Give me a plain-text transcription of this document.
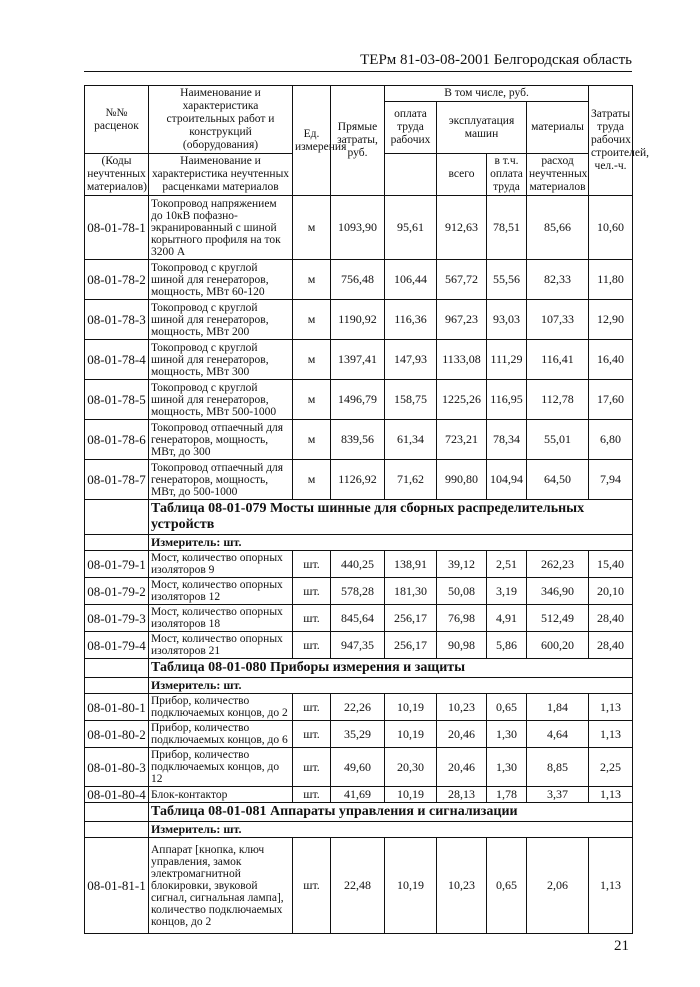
ТЕРм 81-03-08-2001 Белгородская область
№№ расценок	Наименование и характеристика строительных работ и конструкций (оборудования)	Ед. измерения	Прямые затраты, руб.	В том числе, руб.				Затраты труда рабочих строителей, чел.-ч.
				оплата труда рабочих	эксплуатация машин		материалы	
(Коды неучтенных материалов)	Наименование и характеристика неучтенных расценками материалов				всего	в т.ч. оплата труда	расход неучтенных материалов	

08-01-78-1	Токопровод напряжением до 10кВ пофазно-экранированный с шиной корытного профиля на ток 3200 А	м	1093,90	95,61	912,63	78,51	85,66	10,60
08-01-78-2	Токопровод с круглой шиной для генераторов, мощность, МВт 60-120	м	756,48	106,44	567,72	55,56	82,33	11,80
08-01-78-3	Токопровод с круглой шиной для генераторов, мощность, МВт 200	м	1190,92	116,36	967,23	93,03	107,33	12,90
08-01-78-4	Токопровод с круглой шиной для генераторов, мощность, МВт 300	м	1397,41	147,93	1133,08	111,29	116,41	16,40
08-01-78-5	Токопровод с круглой шиной для генераторов, мощность, МВт 500-1000	м	1496,79	158,75	1225,26	116,95	112,78	17,60
08-01-78-6	Токопровод отпаечный для генераторов, мощность, МВт, до 300	м	839,56	61,34	723,21	78,34	55,01	6,80
08-01-78-7	Токопровод отпаечный для генераторов, мощность, МВт, до 500-1000	м	1126,92	71,62	990,80	104,94	64,50	7,94
	Таблица 08-01-079 Мосты шинные для сборных распределительных устройств							
	Измеритель: шт.							
08-01-79-1	Мост, количество опорных изоляторов 9	шт.	440,25	138,91	39,12	2,51	262,23	15,40
08-01-79-2	Мост, количество опорных изоляторов 12	шт.	578,28	181,30	50,08	3,19	346,90	20,10
08-01-79-3	Мост, количество опорных изоляторов 18	шт.	845,64	256,17	76,98	4,91	512,49	28,40
08-01-79-4	Мост, количество опорных изоляторов 21	шт.	947,35	256,17	90,98	5,86	600,20	28,40
	Таблица 08-01-080 Приборы измерения и защиты							
	Измеритель: шт.							
08-01-80-1	Прибор, количество подключаемых концов, до 2	шт.	22,26	10,19	10,23	0,65	1,84	1,13
08-01-80-2	Прибор, количество подключаемых концов, до 6	шт.	35,29	10,19	20,46	1,30	4,64	1,13
08-01-80-3	Прибор, количество подключаемых концов, до 12	шт.	49,60	20,30	20,46	1,30	8,85	2,25
08-01-80-4	Блок-контактор	шт.	41,69	10,19	28,13	1,78	3,37	1,13
	Таблица 08-01-081 Аппараты управления и сигнализации							
	Измеритель: шт.							
08-01-81-1	Аппарат [кнопка, ключ управления, замок электромагнитной блокировки, звуковой сигнал, сигнальная лампа], количество подключаемых концов, до 2	шт.	22,48	10,19	10,23	0,65	2,06	1,13
21
